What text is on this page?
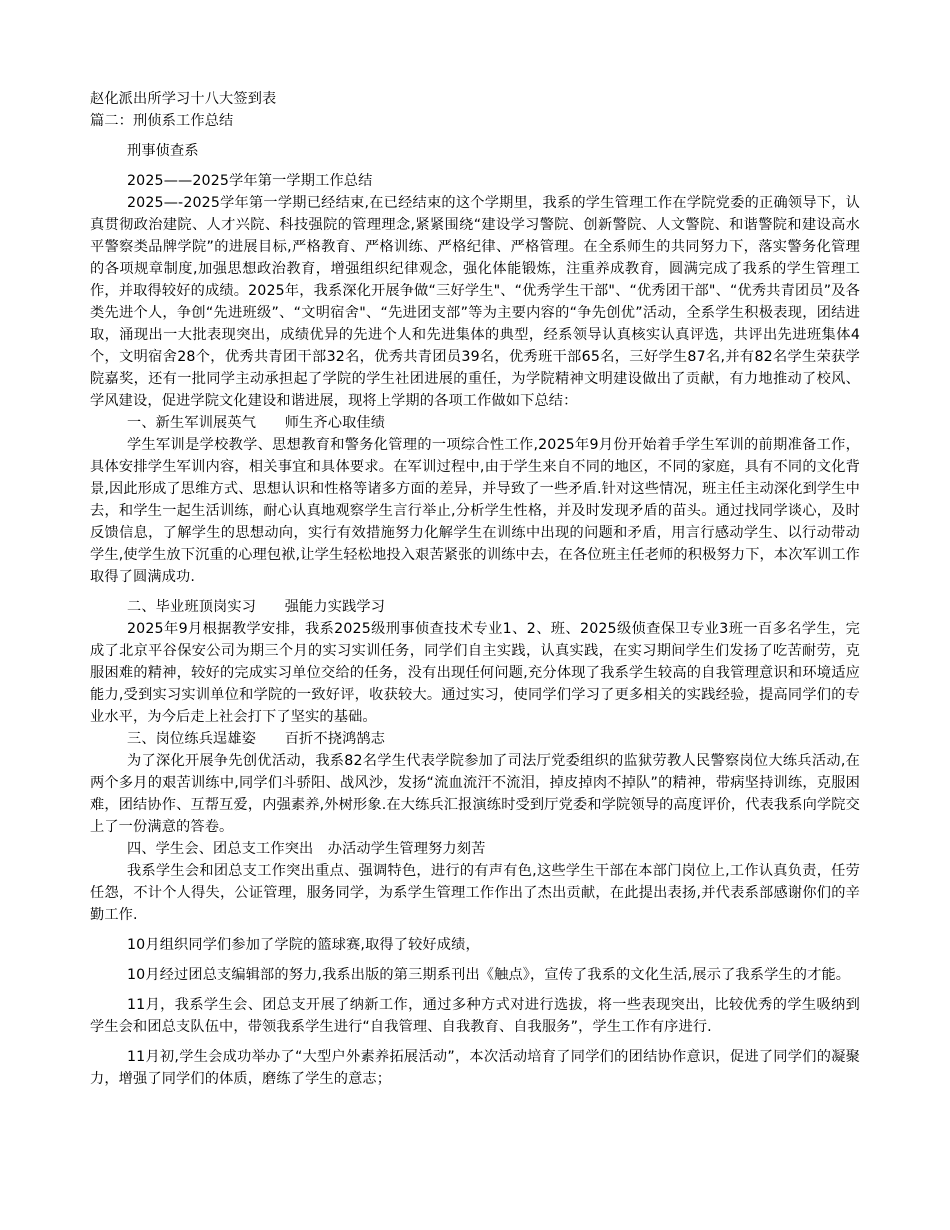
赵化派出所学习十八大签到表

篇二：刑侦系工作总结

刑事侦查系

2025——2025学年第一学期工作总结

2025—-2025学年第一学期已经结束,在已经结束的这个学期里，我系的学生管理工作在学院党委的正确领导下，认真贯彻政治建院、人才兴院、科技强院的管理理念,紧紧围绕“建设学习警院、创新警院、人文警院、和谐警院和建设高水平警察类品牌学院”的进展目标,严格教育、严格训练、严格纪律、严格管理。在全系师生的共同努力下，落实警务化管理的各项规章制度,加强思想政治教育，增强组织纪律观念，强化体能锻炼，注重养成教育，圆满完成了我系的学生管理工作，并取得较好的成绩。2025年，我系深化开展争做“三好学生"、“优秀学生干部"、“优秀团干部"、“优秀共青团员”及各类先进个人，争创“先进班级”、“文明宿舍"、“先进团支部”等为主要内容的“争先创优”活动，全系学生积极表现，团结进取，涌现出一大批表现突出，成绩优异的先进个人和先进集体的典型，经系领导认真核实认真评选，共评出先进班集体4个，文明宿舍28个，优秀共青团干部32名，优秀共青团员39名，优秀班干部65名，三好学生87名,并有82名学生荣获学院嘉奖，还有一批同学主动承担起了学院的学生社团进展的重任，为学院精神文明建设做出了贡献，有力地推动了校风、学风建设，促进学院文化建设和谐进展，现将上学期的各项工作做如下总结：

一、新生军训展英气　　师生齐心取佳绩

学生军训是学校教学、思想教育和警务化管理的一项综合性工作,2025年9月份开始着手学生军训的前期准备工作，具体安排学生军训内容，相关事宜和具体要求。在军训过程中,由于学生来自不同的地区，不同的家庭，具有不同的文化背景,因此形成了思维方式、思想认识和性格等诸多方面的差异，并导致了一些矛盾.针对这些情况，班主任主动深化到学生中去，和学生一起生活训练，耐心认真地观察学生言行举止,分析学生性格，并及时发现矛盾的苗头。通过找同学谈心，及时反馈信息，了解学生的思想动向，实行有效措施努力化解学生在训练中出现的问题和矛盾，用言行感动学生、以行动带动学生,使学生放下沉重的心理包袱,让学生轻松地投入艰苦紧张的训练中去，在各位班主任老师的积极努力下，本次军训工作取得了圆满成功.

二、毕业班顶岗实习　　强能力实践学习

2025年9月根据教学安排，我系2025级刑事侦查技术专业1、2、班、2025级侦查保卫专业3班一百多名学生，完成了北京平谷保安公司为期三个月的实习实训任务，同学们自主实践，认真实践，在实习期间学生们发扬了吃苦耐劳，克服困难的精神，较好的完成实习单位交给的任务，没有出现任何问题,充分体现了我系学生较高的自我管理意识和环境适应能力,受到实习实训单位和学院的一致好评，收获较大。通过实习，使同学们学习了更多相关的实践经验，提高同学们的专业水平，为今后走上社会打下了坚实的基础。

三、岗位练兵逞雄姿　　百折不挠鸿鹄志

为了深化开展争先创优活动，我系82名学生代表学院参加了司法厅党委组织的监狱劳教人民警察岗位大练兵活动,在两个多月的艰苦训练中,同学们斗骄阳、战风沙，发扬“流血流汗不流泪，掉皮掉肉不掉队”的精神，带病坚持训练，克服困难，团结协作、互帮互爱，内强素养,外树形象.在大练兵汇报演练时受到厅党委和学院领导的高度评价，代表我系向学院交上了一份满意的答卷。

四、学生会、团总支工作突出　办活动学生管理努力刻苦

我系学生会和团总支工作突出重点、强调特色，进行的有声有色,这些学生干部在本部门岗位上,工作认真负责，任劳任怨，不计个人得失，公证管理，服务同学，为系学生管理工作作出了杰出贡献，在此提出表扬,并代表系部感谢你们的辛勤工作.

10月组织同学们参加了学院的篮球赛,取得了较好成绩，

10月经过团总支编辑部的努力,我系出版的第三期系刊出《触点》，宣传了我系的文化生活,展示了我系学生的才能。

11月，我系学生会、团总支开展了纳新工作，通过多种方式对进行选拔，将一些表现突出，比较优秀的学生吸纳到学生会和团总支队伍中，带领我系学生进行“自我管理、自我教育、自我服务”，学生工作有序进行.

11月初,学生会成功举办了“大型户外素养拓展活动”，本次活动培育了同学们的团结协作意识，促进了同学们的凝聚力，增强了同学们的体质，磨练了学生的意志；
